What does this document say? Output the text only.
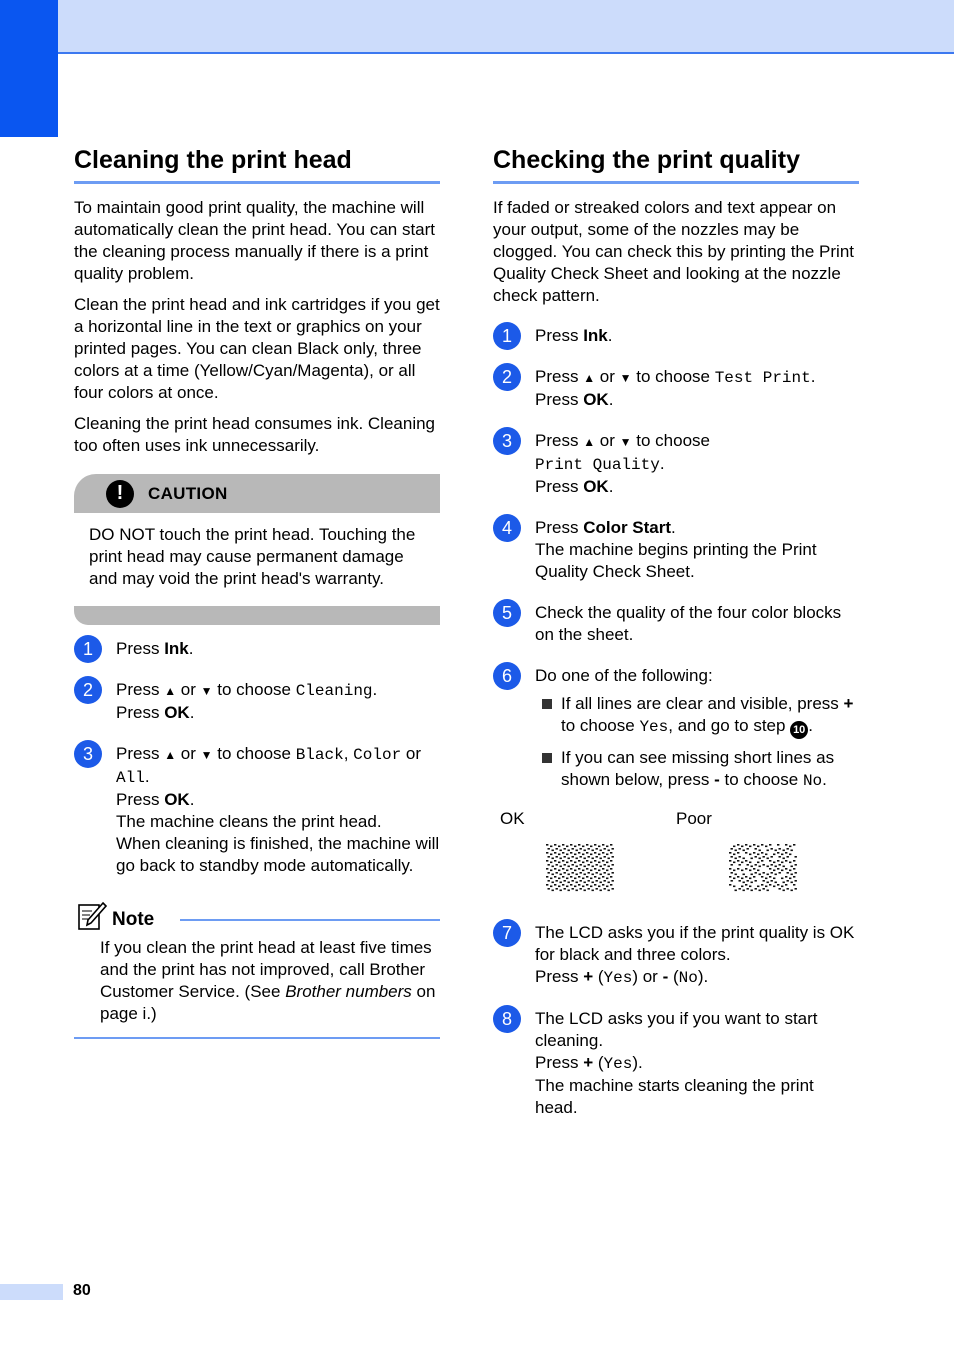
Cleaning the print head

To maintain good print quality, the machine will automatically clean the print head. You can start the cleaning process manually if there is a print quality problem.

Clean the print head and ink cartridges if you get a horizontal line in the text or graphics on your printed pages. You can clean Black only, three colors at a time (Yellow/Cyan/Magenta), or all four colors at once.

Cleaning the print head consumes ink. Cleaning too often uses ink unnecessarily.

!	CAUTION
DO NOT touch the print head. Touching the print head may cause permanent damage and may void the print head's warranty.
1	Press Ink.
2	Press ▲ or ▼ to choose Cleaning.
Press OK.
3	Press ▲ or ▼ to choose Black, Color or All.
Press OK.
The machine cleans the print head.
When cleaning is finished, the machine will go back to standby mode automatically.
Note
If you clean the print head at least five times and the print has not improved, call Brother Customer Service. (See Brother numbers on page i.)
Checking the print quality

If faded or streaked colors and text appear on your output, some of the nozzles may be clogged. You can check this by printing the Print Quality Check Sheet and looking at the nozzle check pattern.

1	Press Ink.
2	Press ▲ or ▼ to choose Test Print.
Press OK.
3	Press ▲ or ▼ to choose
Print Quality.
Press OK.
4	Press Color Start.
The machine begins printing the Print Quality Check Sheet.
5	Check the quality of the four color blocks on the sheet.
6	Do one of the following:

If all lines are clear and visible, press + to choose Yes, and go to step 10 .
If you can see missing short lines as shown below, press - to choose No.
OK	Poor
7	The LCD asks you if the print quality is OK for black and three colors.
Press + (Yes) or - (No).
8	The LCD asks you if you want to start cleaning.
Press + (Yes).
The machine starts cleaning the print head.
80
